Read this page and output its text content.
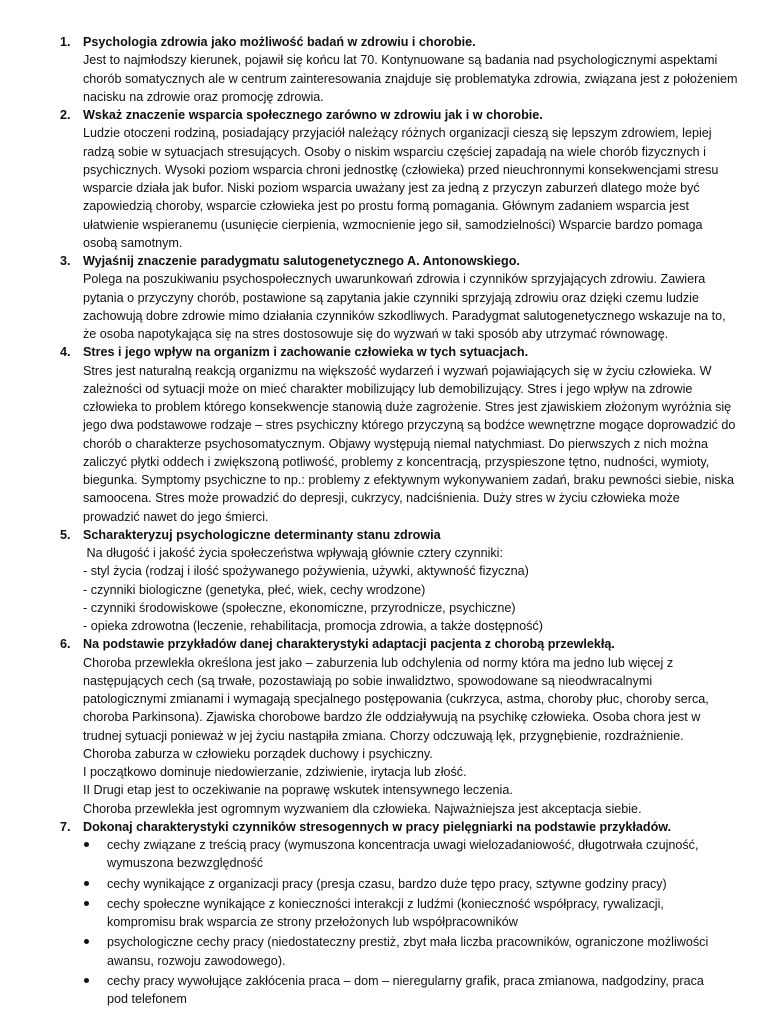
1. Psychologia zdrowia jako możliwość badań w zdrowiu i chorobie.

Jest to najmłodszy kierunek, pojawił się końcu lat 70. Kontynuowane są badania nad psychologicznymi aspektami chorób somatycznych ale w centrum zainteresowania znajduje się problematyka zdrowia, związana jest z położeniem nacisku na zdrowie oraz promocję zdrowia.

2. Wskaż znaczenie wsparcia społecznego zarówno w zdrowiu jak i w chorobie.

Ludzie otoczeni rodziną, posiadający przyjaciół należący różnych organizacji cieszą się lepszym zdrowiem, lepiej radzą sobie w sytuacjach stresujących. Osoby o niskim wsparciu częściej zapadają na wiele chorób fizycznych i psychicznych. Wysoki poziom wsparcia chroni jednostkę (człowieka) przed nieuchronnymi konsekwencjami stresu wsparcie działa jak bufor. Niski poziom wsparcia uważany jest za jedną z przyczyn zaburzeń dlatego może być zapowiedzią choroby, wsparcie człowieka jest po prostu formą pomagania. Głównym zadaniem wsparcia jest ułatwienie wspieranemu (usunięcie cierpienia, wzmocnienie jego sił, samodzielności) Wsparcie bardzo pomaga osobą samotnym.

3. Wyjaśnij znaczenie paradygmatu salutogenetycznego A. Antonowskiego.

Polega na poszukiwaniu psychospołecznych uwarunkowań zdrowia i czynników sprzyjających zdrowiu. Zawiera pytania o przyczyny chorób, postawione są zapytania jakie czynniki sprzyjają zdrowiu oraz dzięki czemu ludzie zachowują dobre zdrowie mimo działania czynników szkodliwych. Paradygmat salutogenetycznego wskazuje na to, że osoba napotykająca się na stres dostosowuje się do wyzwań w taki sposób aby utrzymać równowagę.

4. Stres i jego wpływ na organizm i zachowanie człowieka w tych sytuacjach.

Stres jest naturalną reakcją organizmu na większość wydarzeń i wyzwań pojawiających się w życiu człowieka. W zależności od sytuacji może on mieć charakter mobilizujący lub demobilizujący. Stres i jego wpływ na zdrowie człowieka to problem którego konsekwencje stanowią duże zagrożenie. Stres jest zjawiskiem złożonym wyróżnia się jego dwa podstawowe rodzaje – stres psychiczny którego przyczyną są bodźce wewnętrzne mogące doprowadzić do chorób o charakterze psychosomatycznym. Objawy występują niemal natychmiast. Do pierwszych z nich można zaliczyć płytki oddech i zwiększoną potliwość, problemy z koncentracją, przyspieszone tętno, nudności, wymioty, biegunka. Symptomy psychiczne to np.: problemy z efektywnym wykonywaniem zadań, braku pewności siebie, niska samoocena. Stres może prowadzić do depresji, cukrzycy, nadciśnienia. Duży stres w życiu człowieka może prowadzić nawet do jego śmierci.

5. Scharakteryzuj psychologiczne determinanty stanu zdrowia

Na długość i jakość życia społeczeństwa wpływają głównie cztery czynniki:

- styl życia (rodzaj i ilość spożywanego pożywienia, używki, aktywność fizyczna)

- czynniki biologiczne (genetyka, płeć, wiek, cechy wrodzone)

- czynniki środowiskowe (społeczne, ekonomiczne, przyrodnicze, psychiczne)

- opieka zdrowotna (leczenie, rehabilitacja, promocja zdrowia, a także dostępność)

6. Na podstawie przykładów danej charakterystyki adaptacji pacjenta z chorobą przewlekłą.

Choroba przewlekła określona jest jako – zaburzenia lub odchylenia od normy która ma jedno lub więcej z następujących cech (są trwałe, pozostawiają po sobie inwalidztwo, spowodowane są nieodwracalnymi patologicznymi zmianami i wymagają specjalnego postępowania (cukrzyca, astma, choroby płuc, choroby serca, choroba Parkinsona). Zjawiska chorobowe bardzo źle oddziaływują na psychikę człowieka. Osoba chora jest w trudnej sytuacji ponieważ w jej życiu nastąpiła zmiana. Chorzy odczuwają lęk, przygnębienie, rozdrażnienie.

Choroba zaburza w człowieku porządek duchowy i psychiczny.

I początkowo dominuje niedowierzanie, zdziwienie, irytacja lub złość.

II Drugi etap jest to oczekiwanie na poprawę wskutek intensywnego leczenia.

Choroba przewlekła jest ogromnym wyzwaniem dla człowieka. Najważniejsza jest akceptacja siebie.

7. Dokonaj charakterystyki czynników stresogennych w pracy pielęgniarki na podstawie przykładów.
cechy związane z treścią pracy (wymuszona koncentracja uwagi wielozadaniowość, długotrwała czujność, wymuszona bezwzględność
cechy wynikające z organizacji pracy (presja czasu, bardzo duże tępo pracy, sztywne godziny pracy)
cechy społeczne wynikające z konieczności interakcji z ludźmi (konieczność współpracy, rywalizacji, kompromisu brak wsparcia ze strony przełożonych lub współpracowników
psychologiczne cechy pracy (niedostateczny prestiż, zbyt mała liczba pracowników, ograniczone możliwości awansu, rozwoju zawodowego).
cechy pracy wywołujące zakłócenia praca – dom – nieregularny grafik, praca zmianowa, nadgodziny, praca pod telefonem
